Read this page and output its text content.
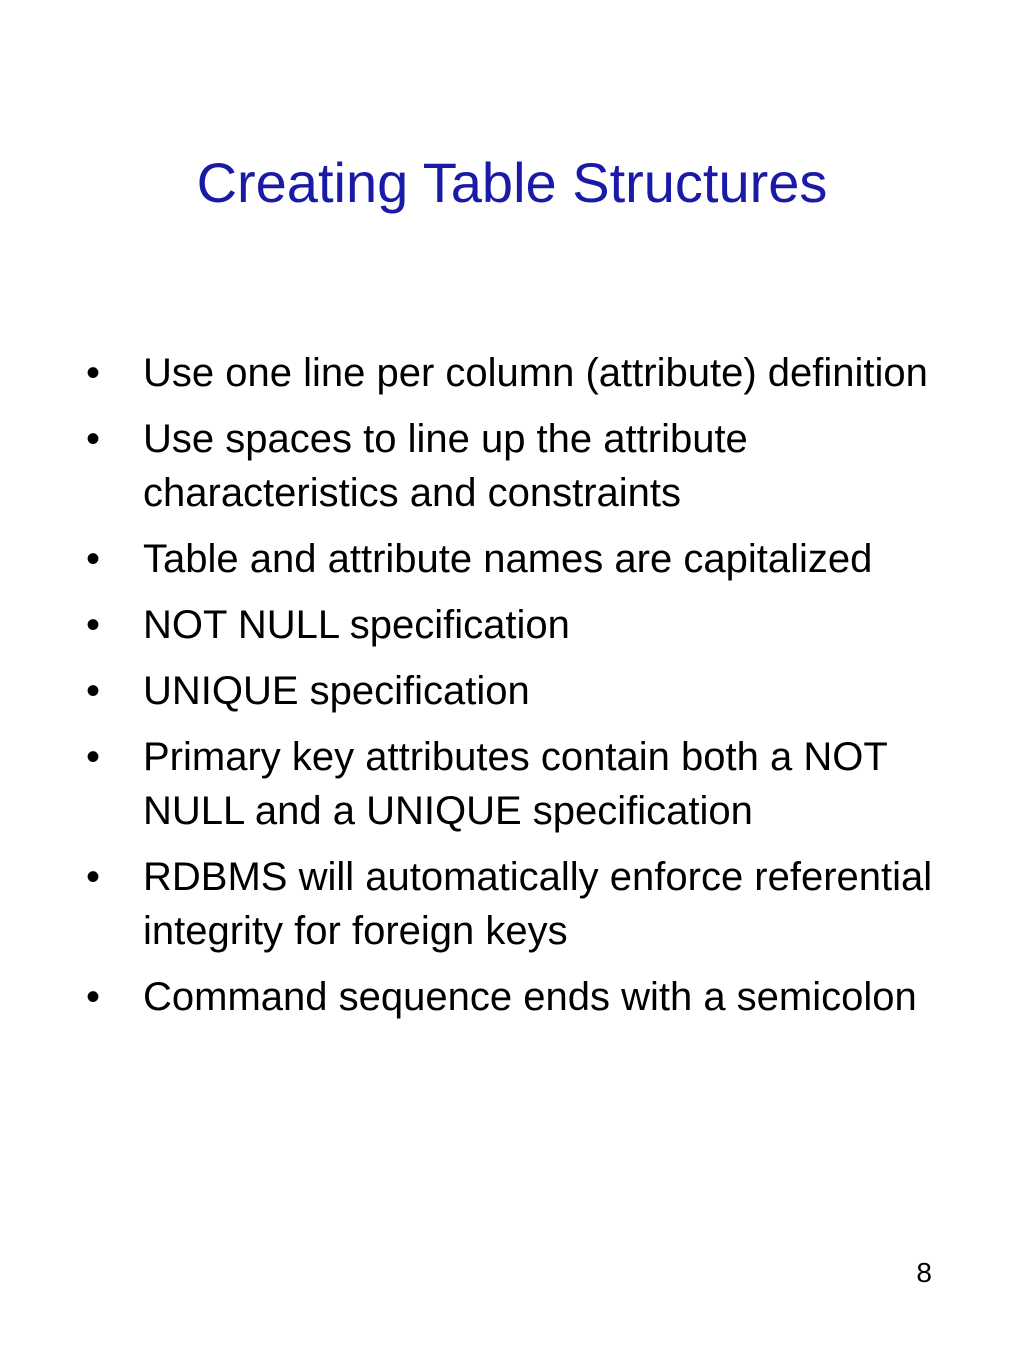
Creating Table Structures
•	Use one line per column (attribute) definition
•	Use spaces to line up the attribute characteristics and constraints
•	Table and attribute names are capitalized
•	NOT NULL specification
•	UNIQUE specification
•	Primary key attributes contain both a NOT NULL and a UNIQUE specification
•	RDBMS will automatically enforce referential integrity for foreign keys
•	Command sequence ends with a semicolon
8
